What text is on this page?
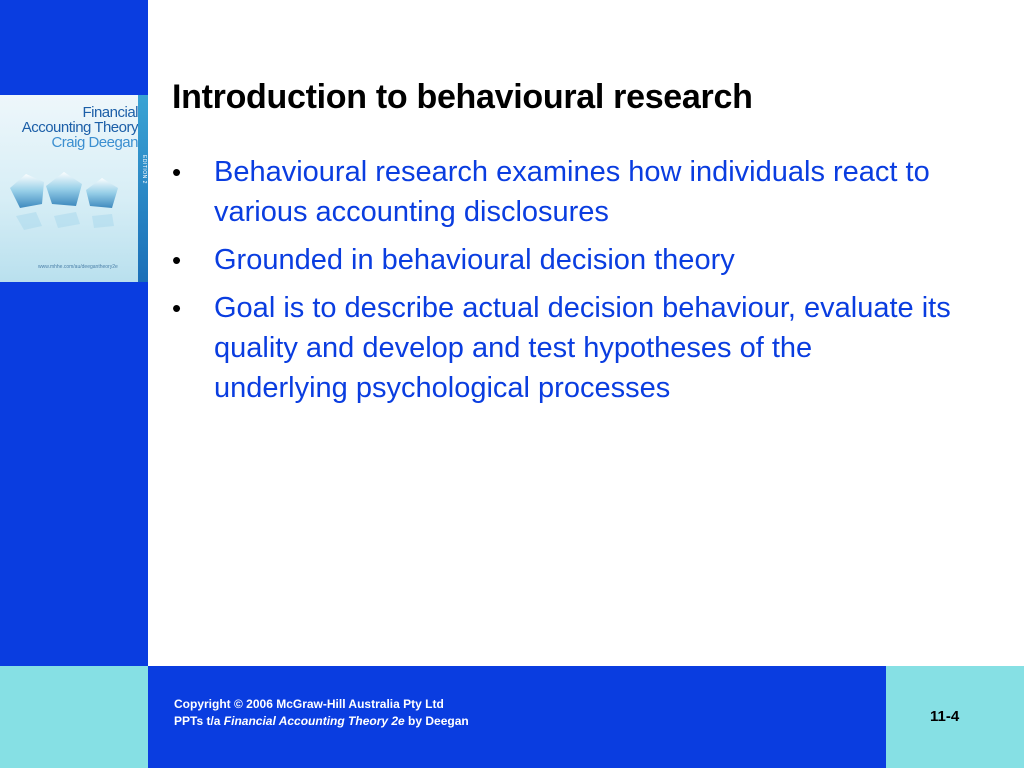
Financial
Accounting Theory
Craig Deegan
www.mhhe.com/au/deegantheory2e
EDITION 2
Introduction to behavioural research
• Behavioural research examines how individuals react to various accounting disclosures
• Grounded in behavioural decision theory
• Goal is to describe actual decision behaviour, evaluate its quality and develop and test hypotheses of the underlying psychological processes
Copyright © 2006 McGraw-Hill Australia Pty Ltd
PPTs t/a Financial Accounting Theory 2e by Deegan	11-4
